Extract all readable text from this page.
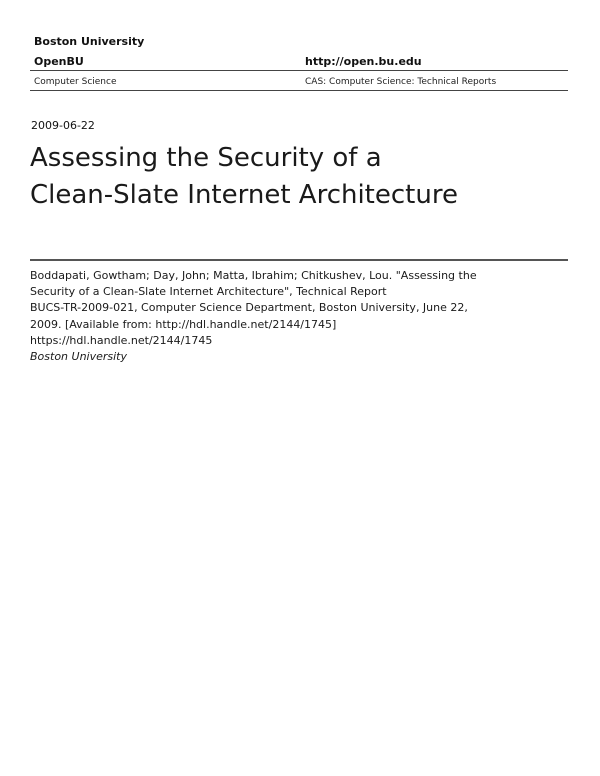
Boston University
OpenBU	http://open.bu.edu
Computer Science	CAS: Computer Science: Technical Reports
2009-06-22
Assessing the Security of a
Clean-Slate Internet Architecture
Boddapati, Gowtham; Day, John; Matta, Ibrahim; Chitkushev, Lou. "Assessing the
Security of a Clean-Slate Internet Architecture", Technical Report
BUCS-TR-2009-021, Computer Science Department, Boston University, June 22,
2009. [Available from: http://hdl.handle.net/2144/1745]
https://hdl.handle.net/2144/1745
Boston University
